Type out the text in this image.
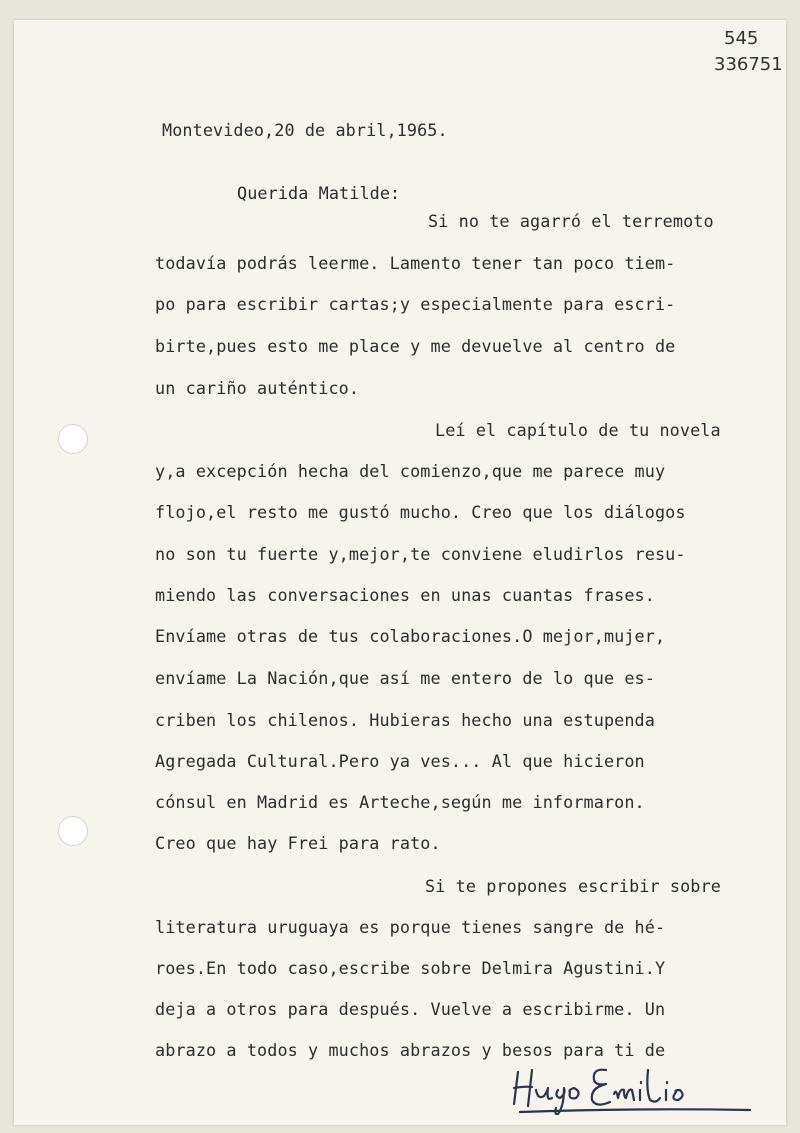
545
336751
Montevideo,20 de abril,1965.
Querida Matilde:
Si no te agarró el terremoto
todavía podrás leerme. Lamento tener tan poco tiem-
po para escribir cartas;y especialmente para escri-
birte,pues esto me place y me devuelve al centro de
un cariño auténtico.
Leí el capítulo de tu novela
y,a excepción hecha del comienzo,que me parece muy
flojo,el resto me gustó mucho. Creo que los diálogos
no son tu fuerte y,mejor,te conviene eludirlos resu-
miendo las conversaciones en unas cuantas frases.
Envíame otras de tus colaboraciones.O mejor,mujer,
envíame La Nación,que así me entero de lo que es-
criben los chilenos. Hubieras hecho una estupenda
Agregada Cultural.Pero ya ves... Al que hicieron
cónsul en Madrid es Arteche,según me informaron.
Creo que hay Frei para rato.
Si te propones escribir sobre
literatura uruguaya es porque tienes sangre de hé-
roes.En todo caso,escribe sobre Delmira Agustini.Y
deja a otros para después. Vuelve a escribirme. Un
abrazo a todos y muchos abrazos y besos para ti de
